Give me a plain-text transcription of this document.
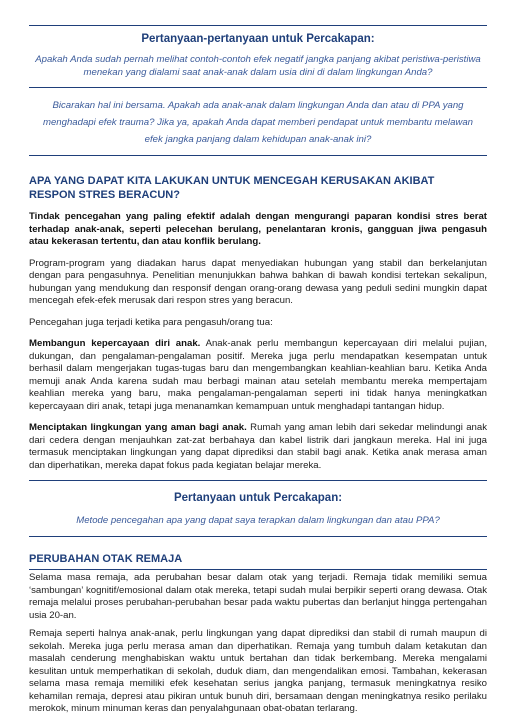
Pertanyaan-pertanyaan untuk Percakapan:
Apakah Anda sudah pernah melihat contoh-contoh efek negatif jangka panjang akibat peristiwa-peristiwa menekan yang dialami saat anak-anak dalam usia dini di dalam lingkungan Anda?
Bicarakan hal ini bersama. Apakah ada anak-anak dalam lingkungan Anda dan atau di PPA yang menghadapi efek trauma? Jika ya, apakah Anda dapat memberi pendapat untuk membantu melawan efek jangka panjang dalam kehidupan anak-anak ini?
APA YANG DAPAT KITA LAKUKAN UNTUK MENCEGAH KERUSAKAN AKIBAT RESPON STRES BERACUN?
Tindak pencegahan yang paling efektif adalah dengan mengurangi paparan kondisi stres berat terhadap anak-anak, seperti pelecehan berulang, penelantaran kronis, gangguan jiwa pengasuh atau kekerasan tertentu, dan atau konflik berulang.
Program-program yang diadakan harus dapat menyediakan hubungan yang stabil dan berkelanjutan dengan para pengasuhnya. Penelitian menunjukkan bahwa bahkan di bawah kondisi tertekan sekalipun, hubungan yang mendukung dan responsif dengan orang-orang dewasa yang peduli sedini mungkin dapat mencegah efek-efek merusak dari respon stres yang beracun.
Pencegahan juga terjadi ketika para pengasuh/orang tua:
Membangun kepercayaan diri anak. Anak-anak perlu membangun kepercayaan diri melalui pujian, dukungan, dan pengalaman-pengalaman positif. Mereka juga perlu mendapatkan kesempatan untuk berhasil dalam mengerjakan tugas-tugas baru dan mengembangkan keahlian-keahlian baru. Ketika Anda memuji anak Anda karena sudah mau berbagi mainan atau setelah membantu mereka mempertajam keahlian mereka yang baru, maka pengalaman-pengalaman seperti ini tidak hanya meningkatkan kepercayaan diri anak, tetapi juga menanamkan kemampuan untuk menghadapi tantangan hidup.
Menciptakan lingkungan yang aman bagi anak. Rumah yang aman lebih dari sekedar melindungi anak dari cedera dengan menjauhkan zat-zat berbahaya dan kabel listrik dari jangkaun mereka. Hal ini juga termasuk menciptakan lingkungan yang dapat diprediksi dan stabil bagi anak. Ketika anak merasa aman dan diperhatikan, mereka dapat fokus pada kegiatan belajar mereka.
Pertanyaan untuk Percakapan:
Metode pencegahan apa yang dapat saya terapkan dalam lingkungan dan atau PPA?
PERUBAHAN OTAK REMAJA
Selama masa remaja, ada perubahan besar dalam otak yang terjadi. Remaja tidak memiliki semua ‘sambungan’ kognitif/emosional dalam otak mereka, tetapi sudah mulai berpikir seperti orang dewasa. Otak remaja melalui proses perubahan-perubahan besar pada waktu pubertas dan berlanjut hingga pertengahan usia 20-an.
Remaja seperti halnya anak-anak, perlu lingkungan yang dapat diprediksi dan stabil di rumah maupun di sekolah. Mereka juga perlu merasa aman dan diperhatikan. Remaja yang tumbuh dalam ketakutan dan masalah cenderung menghabiskan waktu untuk bertahan dan tidak berkembang. Mereka mengalami kesulitan untuk memperhatikan di sekolah, duduk diam, dan mengendalikan emosi. Tambahan, kekerasan selama masa remaja memiliki efek kesehatan serius jangka panjang, termasuk meningkatnya resiko kehamilan remaja, depresi atau pikiran untuk bunuh diri, bersamaan dengan meningkatnya resiko perilaku merokok, minum minuman keras dan penyalahgunaan obat-obatan terlarang.
